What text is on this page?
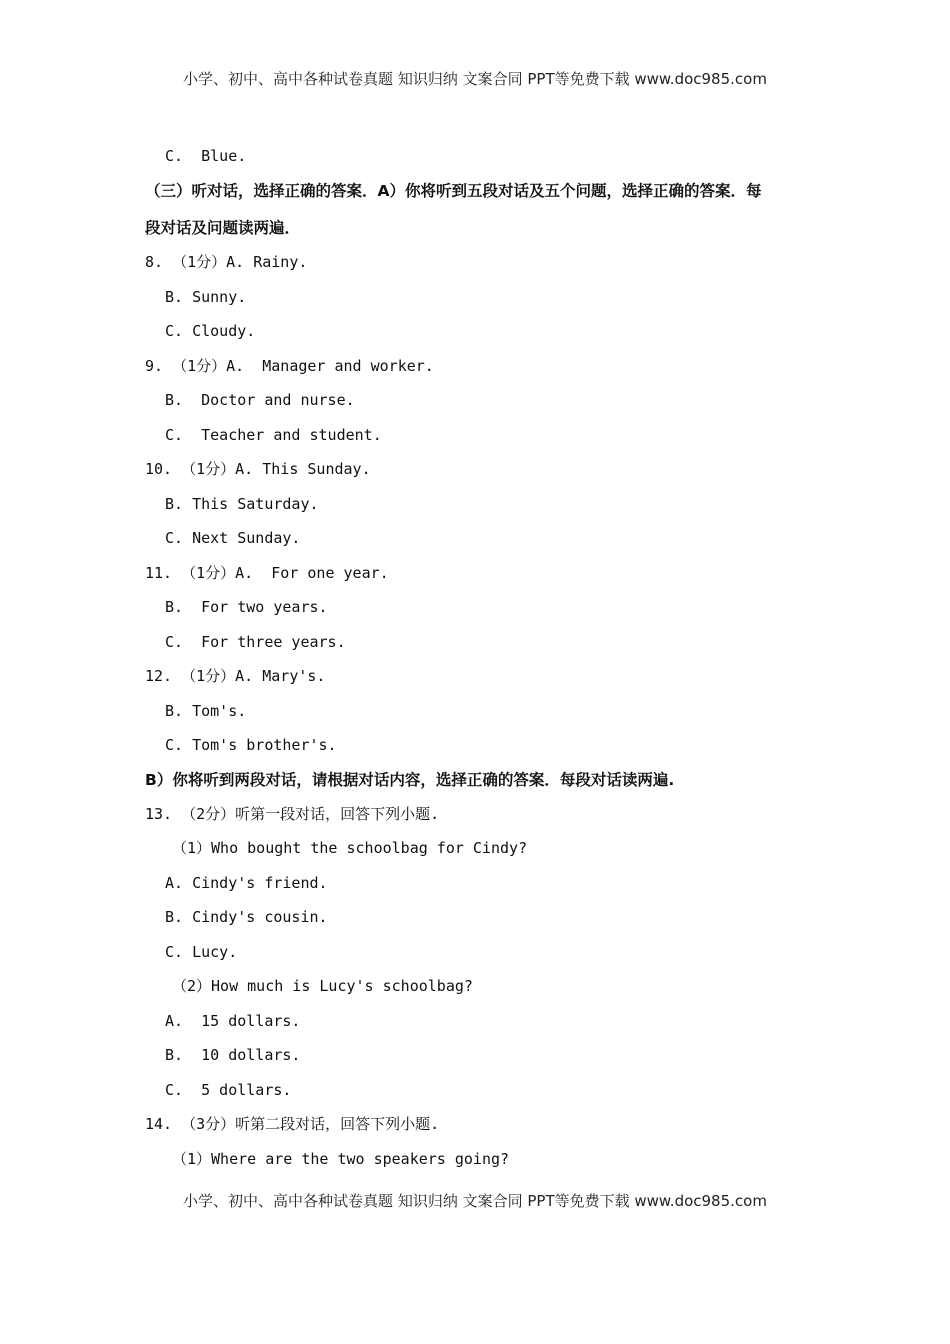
小学、初中、高中各种试卷真题 知识归纳 文案合同 PPT等免费下载 www.doc985.com
C.  Blue.
（三）听对话，选择正确的答案．A）你将听到五段对话及五个问题，选择正确的答案．每
段对话及问题读两遍．
8. （1分）A. Rainy.
B. Sunny.
C. Cloudy.
9. （1分）A.  Manager and worker.
B.  Doctor and nurse.
C.  Teacher and student.
10. （1分）A. This Sunday.
B. This Saturday.
C. Next Sunday.
11. （1分）A.  For one year.
B.  For two years.
C.  For three years.
12. （1分）A. Mary's.
B. Tom's.
C. Tom's brother's.
B）你将听到两段对话，请根据对话内容，选择正确的答案．每段对话读两遍.
13. （2分）听第一段对话，回答下列小题.
（1）Who bought the schoolbag for Cindy?
A. Cindy's friend.
B. Cindy's cousin.
C. Lucy.
（2）How much is Lucy's schoolbag?
A.  15 dollars.
B.  10 dollars.
C.  5 dollars.
14. （3分）听第二段对话，回答下列小题.
（1）Where are the two speakers going?
小学、初中、高中各种试卷真题 知识归纳 文案合同 PPT等免费下载 www.doc985.com
